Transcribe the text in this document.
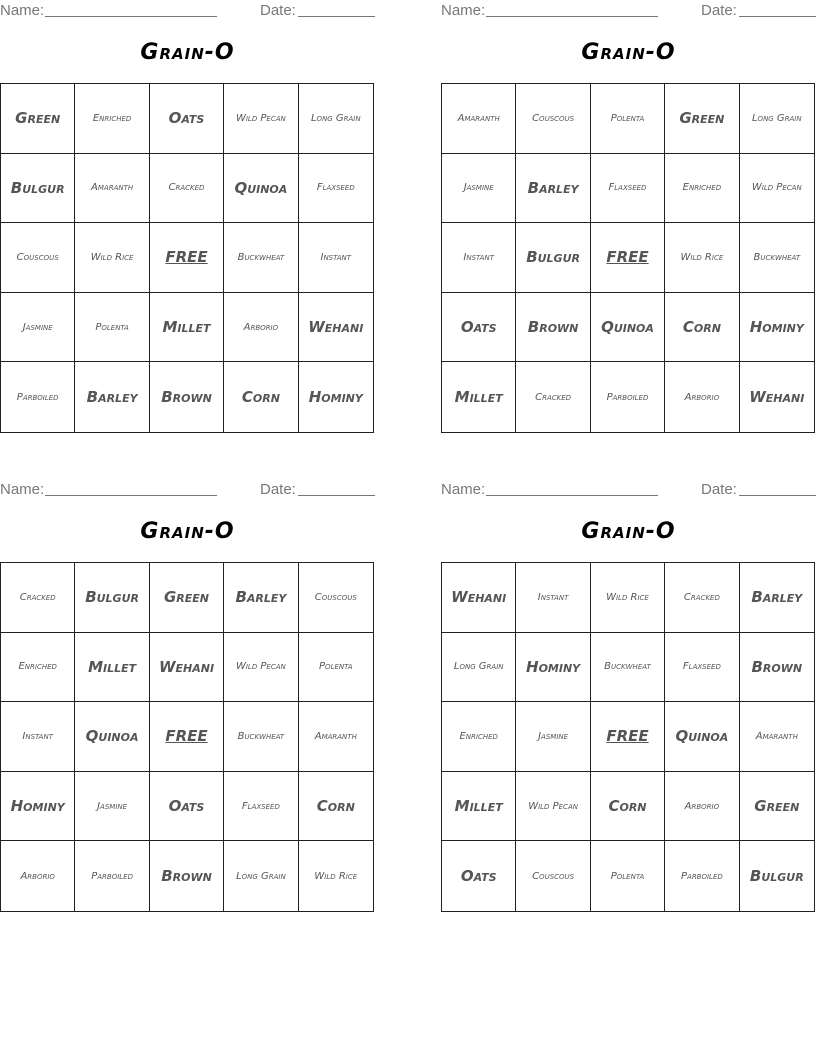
Name:	Date:
Grain-O
Green	Enriched	Oats	Wild Pecan	Long Grain
Bulgur	Amaranth	Cracked	Quinoa	Flaxseed
Couscous	Wild Rice	FREE	Buckwheat	Instant
Jasmine	Polenta	Millet	Arborio	Wehani
Parboiled	Barley	Brown	Corn	Hominy
Name:	Date:
Grain-O
Amaranth	Couscous	Polenta	Green	Long Grain
Jasmine	Barley	Flaxseed	Enriched	Wild Pecan
Instant	Bulgur	FREE	Wild Rice	Buckwheat
Oats	Brown	Quinoa	Corn	Hominy
Millet	Cracked	Parboiled	Arborio	Wehani
Name:	Date:
Grain-O
Cracked	Bulgur	Green	Barley	Couscous
Enriched	Millet	Wehani	Wild Pecan	Polenta
Instant	Quinoa	FREE	Buckwheat	Amaranth
Hominy	Jasmine	Oats	Flaxseed	Corn
Arborio	Parboiled	Brown	Long Grain	Wild Rice
Name:	Date:
Grain-O
Wehani	Instant	Wild Rice	Cracked	Barley
Long Grain	Hominy	Buckwheat	Flaxseed	Brown
Enriched	Jasmine	FREE	Quinoa	Amaranth
Millet	Wild Pecan	Corn	Arborio	Green
Oats	Couscous	Polenta	Parboiled	Bulgur
